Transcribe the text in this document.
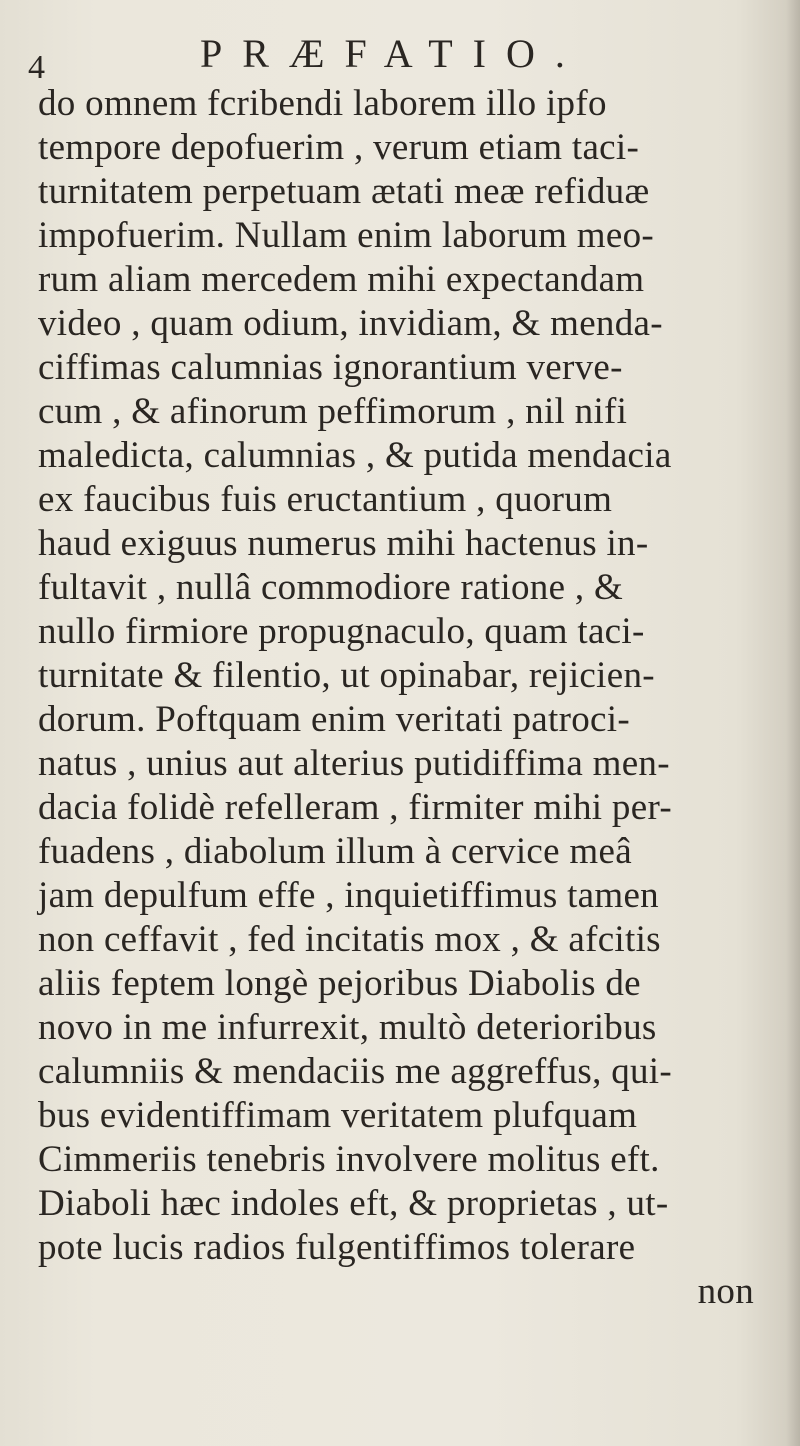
4	PRÆFATIO.
do omnem fcribendi laborem illo ipfo
tempore depofuerim , verum etiam taci-
turnitatem perpetuam ætati meæ refiduæ
impofuerim. Nullam enim laborum meo-
rum aliam mercedem mihi expectandam
video , quam odium, invidiam, & menda-
ciffimas calumnias ignorantium verve-
cum , & afinorum peffimorum , nil nifi
maledicta, calumnias , & putida mendacia
ex faucibus fuis eructantium , quorum
haud exiguus numerus mihi hactenus in-
fultavit , nullâ commodiore ratione , &
nullo firmiore propugnaculo, quam taci-
turnitate & filentio, ut opinabar, rejicien-
dorum. Poftquam enim veritati patroci-
natus , unius aut alterius putidiffima men-
dacia folidè refelleram , firmiter mihi per-
fuadens , diabolum illum à cervice meâ
jam depulfum effe , inquietiffimus tamen
non ceffavit , fed incitatis mox , & afcitis
aliis feptem longè pejoribus Diabolis de
novo in me infurrexit, multò deterioribus
calumniis & mendaciis me aggreffus, qui-
bus evidentiffimam veritatem plufquam
Cimmeriis tenebris involvere molitus eft.
Diaboli hæc indoles eft, & proprietas , ut-
pote lucis radios fulgentiffimos tolerare
non
